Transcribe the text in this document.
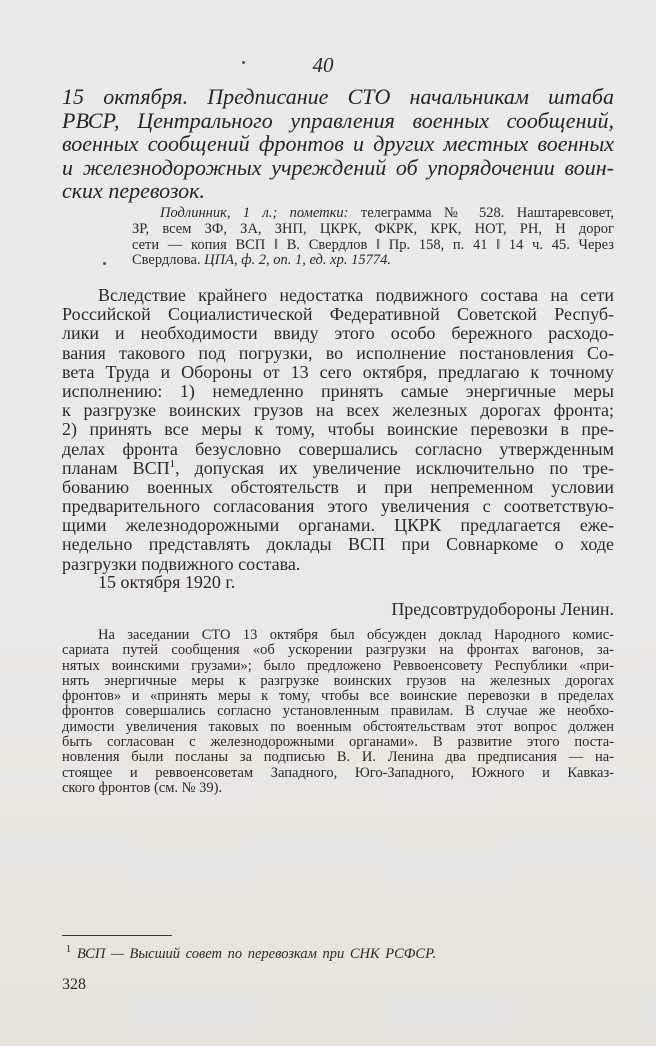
40
15 октября. Предписание СТО начальникам штаба
РВСР, Центрального управления военных сообщений,
военных сообщений фронтов и других местных военных
и железнодорожных учреждений об упорядочении воин-
ских перевозок.
Подлинник, 1 л.; пометки: телеграмма № 528. Наштаревсовет,
ЗР, всем ЗФ, ЗА, ЗНП, ЦКРК, ФКРК, КРК, НОТ, РН, Н дорог
сети — копия ВСП ‖ В. Свердлов ‖ Пр. 158, п. 41 ‖ 14 ч. 45. Через
Свердлова. ЦПА, ф. 2, оп. 1, ед. хр. 15774.
Вследствие крайнего недостатка подвижного состава на сети
Российской Социалистической Федеративной Советской Респуб-
лики и необходимости ввиду этого особо бережного расходо-
вания такового под погрузки, во исполнение постановления Со-
вета Труда и Обороны от 13 сего октября, предлагаю к точному
исполнению: 1) немедленно принять самые энергичные меры
к разгрузке воинских грузов на всех железных дорогах фронта;
2) принять все меры к тому, чтобы воинские перевозки в пре-
делах фронта безусловно совершались согласно утвержденным
планам ВСП$^1$, допуская их увеличение исключительно по тре-
бованию военных обстоятельств и при непременном условии
предварительного согласования этого увеличения с соответствую-
щими железнодорожными органами. ЦКРК предлагается еже-
недельно представлять доклады ВСП при Совнаркоме о ходе
разгрузки подвижного состава.
15 октября 1920 г.
Предсовтрудобороны Ленин.
На заседании СТО 13 октября был обсужден доклад Народного комис-
сариата путей сообщения «об ускорении разгрузки на фронтах вагонов, за-
нятых воинскими грузами»; было предложено Реввоенсовету Республики «при-
нять энергичные меры к разгрузке воинских грузов на железных дорогах
фронтов» и «принять меры к тому, чтобы все воинские перевозки в пределах
фронтов совершались согласно установленным правилам. В случае же необхо-
димости увеличения таковых по военным обстоятельствам этот вопрос должен
быть согласован с железнодорожными органами». В развитие этого поста-
новления были посланы за подписью В. И. Ленина два предписания — на-
стоящее и реввоенсоветам Западного, Юго-Западного, Южного и Кавказ-
ского фронтов (см. № 39).
$^1$ ВСП — Высший совет по перевозкам при СНК РСФСР.
328
